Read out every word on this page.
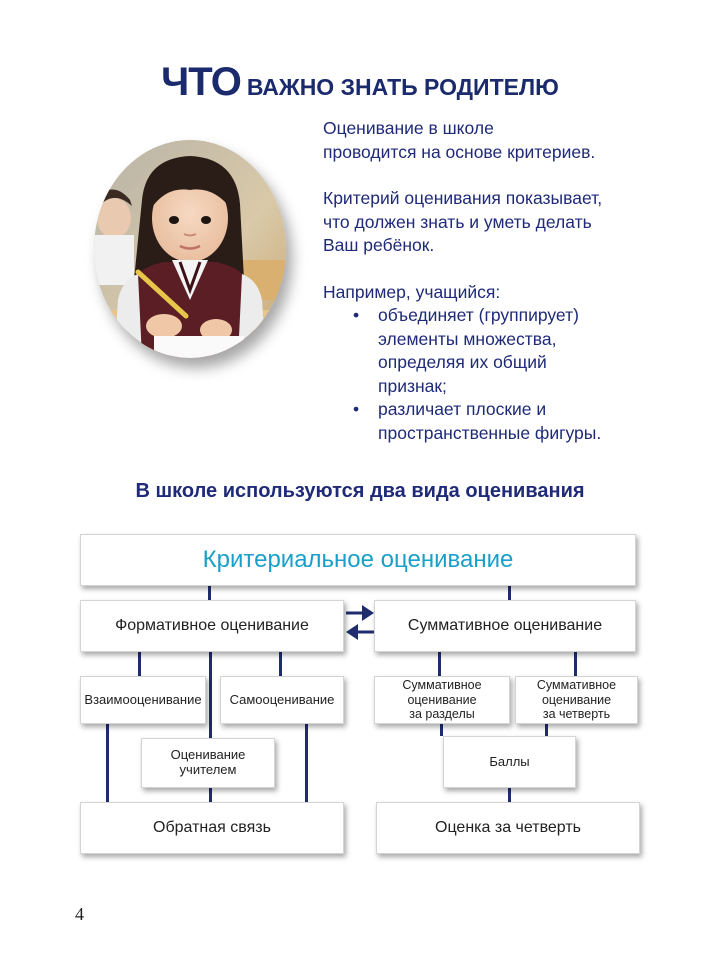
ЧТО ВАЖНО ЗНАТЬ РОДИТЕЛЮ

Оценивание в школе

проводится на основе критериев.

Критерий оценивания показывает,

что должен знать и уметь делать

Ваш ребёнок.

Например, учащийся:

• объединяет (группирует)
элементы множества,
определяя их общий
признак;
• различает плоские и
пространственные фигуры.
В школе используются два вида оценивания
Критериальное оценивание
Формативное оценивание	Суммативное оценивание
Взаимооценивание Самооценивание
Суммативное
оценивание
за разделы
Суммативное
оценивание
за четверть
Оценивание
учителем
Баллы
Обратная связь	Оценка за четверть
4
